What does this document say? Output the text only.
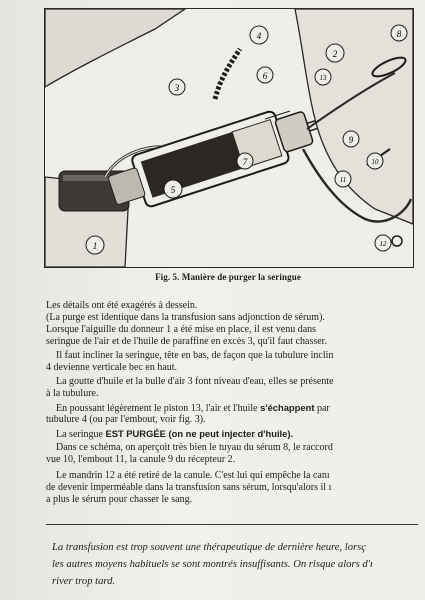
1
2
3
4
5
6
7
8
9
10
11
12
13
Fig. 5. Manière de purger la seringue
Les détails ont été exagérés à dessein.
(La purge est identique dans la transfusion sans adjonction de sérum).
Lorsque l'aiguille du donneur 1 a été mise en place, il est venu dans
seringue de l'air et de l'huile de paraffine en excès 3, qu'il faut chasser.
Il faut incliner la seringue, tête en bas, de façon que la tubulure inclin
4 devienne verticale bec en haut.
La goutte d'huile et la bulle d'air 3 font niveau d'eau, elles se présente
à la tubulure.
En poussant légèrement le piston 13, l'air et l'huile s'échappent par
tubulure 4 (ou par l'embout, voir fig. 3).
La seringue EST PURGÉE (on ne peut injecter d'huile).
Dans ce schéma, on aperçoit très bien le tuyau du sérum 8, le raccord
vue 10, l'embout 11, la canule 9 du récepteur 2.
Le mandrin 12 a été retiré de la canule. C'est lui qui empêche la canı
de devenir imperméable dans la transfusion sans sérum, lorsqu'alors il ı
a plus le sérum pour chasser le sang.
La transfusion est trop souvent une thérapeutique de dernière heure, lorsç
les autres moyens habituels se sont montrés insuffisants. On risque alors d'ı
river trop tard.
